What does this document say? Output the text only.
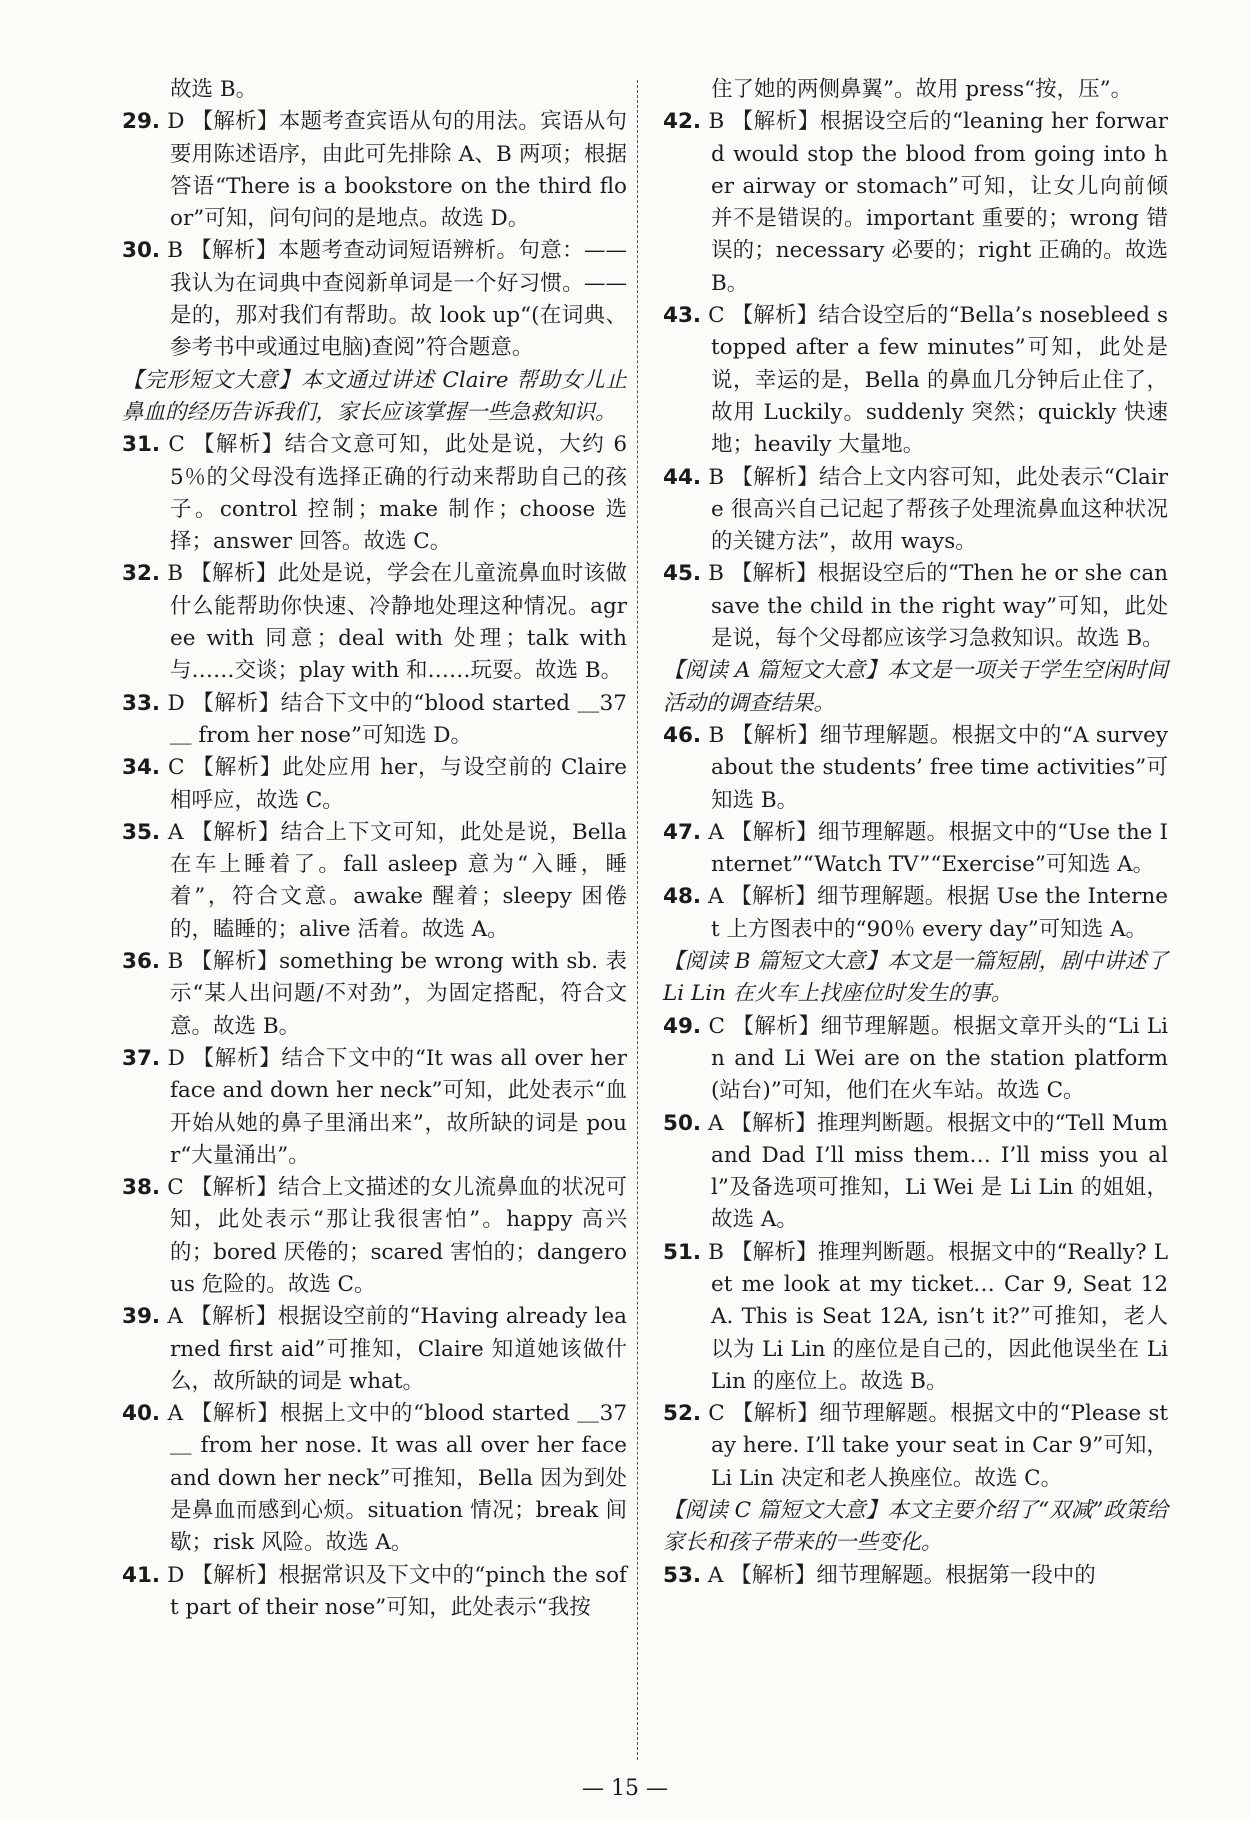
故选 B。
29. D 【解析】本题考查宾语从句的用法。宾语从句要用陈述语序，由此可先排除 A、B 两项；根据答语“There is a bookstore on the third floor”可知，问句问的是地点。故选 D。
30. B 【解析】本题考查动词短语辨析。句意：——我认为在词典中查阅新单词是一个好习惯。——是的，那对我们有帮助。故 look up“(在词典、参考书中或通过电脑)查阅”符合题意。
【完形短文大意】本文通过讲述 Claire 帮助女儿止鼻血的经历告诉我们，家长应该掌握一些急救知识。
31. C 【解析】结合文意可知，此处是说，大约 65％的父母没有选择正确的行动来帮助自己的孩子。control 控制；make 制作；choose 选择；answer 回答。故选 C。
32. B 【解析】此处是说，学会在儿童流鼻血时该做什么能帮助你快速、冷静地处理这种情况。agree with 同意；deal with 处理；talk with 与……交谈；play with 和……玩耍。故选 B。
33. D 【解析】结合下文中的“blood started ＿37＿ from her nose”可知选 D。
34. C 【解析】此处应用 her，与设空前的 Claire 相呼应，故选 C。
35. A 【解析】结合上下文可知，此处是说，Bella 在车上睡着了。fall asleep 意为“入睡，睡着”，符合文意。awake 醒着；sleepy 困倦的，瞌睡的；alive 活着。故选 A。
36. B 【解析】something be wrong with sb. 表示“某人出问题/不对劲”，为固定搭配，符合文意。故选 B。
37. D 【解析】结合下文中的“It was all over her face and down her neck”可知，此处表示“血开始从她的鼻子里涌出来”，故所缺的词是 pour“大量涌出”。
38. C 【解析】结合上文描述的女儿流鼻血的状况可知，此处表示“那让我很害怕”。happy 高兴的；bored 厌倦的；scared 害怕的；dangerous 危险的。故选 C。
39. A 【解析】根据设空前的“Having already learned first aid”可推知，Claire 知道她该做什么，故所缺的词是 what。
40. A 【解析】根据上文中的“blood started ＿37＿ from her nose. It was all over her face and down her neck”可推知，Bella 因为到处是鼻血而感到心烦。situation 情况；break 间歇；risk 风险。故选 A。
41. D 【解析】根据常识及下文中的“pinch the soft part of their nose”可知，此处表示“我按
住了她的两侧鼻翼”。故用 press“按，压”。
42. B 【解析】根据设空后的“leaning her forward would stop the blood from going into her airway or stomach”可知，让女儿向前倾并不是错误的。important 重要的；wrong 错误的；necessary 必要的；right 正确的。故选 B。
43. C 【解析】结合设空后的“Bella’s nosebleed stopped after a few minutes”可知，此处是说，幸运的是，Bella 的鼻血几分钟后止住了，故用 Luckily。suddenly 突然；quickly 快速地；heavily 大量地。
44. B 【解析】结合上文内容可知，此处表示“Claire 很高兴自己记起了帮孩子处理流鼻血这种状况的关键方法”，故用 ways。
45. B 【解析】根据设空后的“Then he or she can save the child in the right way”可知，此处是说，每个父母都应该学习急救知识。故选 B。
【阅读 A 篇短文大意】本文是一项关于学生空闲时间活动的调查结果。
46. B 【解析】细节理解题。根据文中的“A survey about the students’ free time activities”可知选 B。
47. A 【解析】细节理解题。根据文中的“Use the Internet”“Watch TV”“Exercise”可知选 A。
48. A 【解析】细节理解题。根据 Use the Internet 上方图表中的“90％ every day”可知选 A。
【阅读 B 篇短文大意】本文是一篇短剧，剧中讲述了 Li Lin 在火车上找座位时发生的事。
49. C 【解析】细节理解题。根据文章开头的“Li Lin and Li Wei are on the station platform(站台)”可知，他们在火车站。故选 C。
50. A 【解析】推理判断题。根据文中的“Tell Mum and Dad I’ll miss them… I’ll miss you all”及备选项可推知，Li Wei 是 Li Lin 的姐姐，故选 A。
51. B 【解析】推理判断题。根据文中的“Really? Let me look at my ticket… Car 9, Seat 12A. This is Seat 12A, isn’t it?”可推知，老人以为 Li Lin 的座位是自己的，因此他误坐在 Li Lin 的座位上。故选 B。
52. C 【解析】细节理解题。根据文中的“Please stay here. I’ll take your seat in Car 9”可知，Li Lin 决定和老人换座位。故选 C。
【阅读 C 篇短文大意】本文主要介绍了“双减”政策给家长和孩子带来的一些变化。
53. A 【解析】细节理解题。根据第一段中的
— 15 —
